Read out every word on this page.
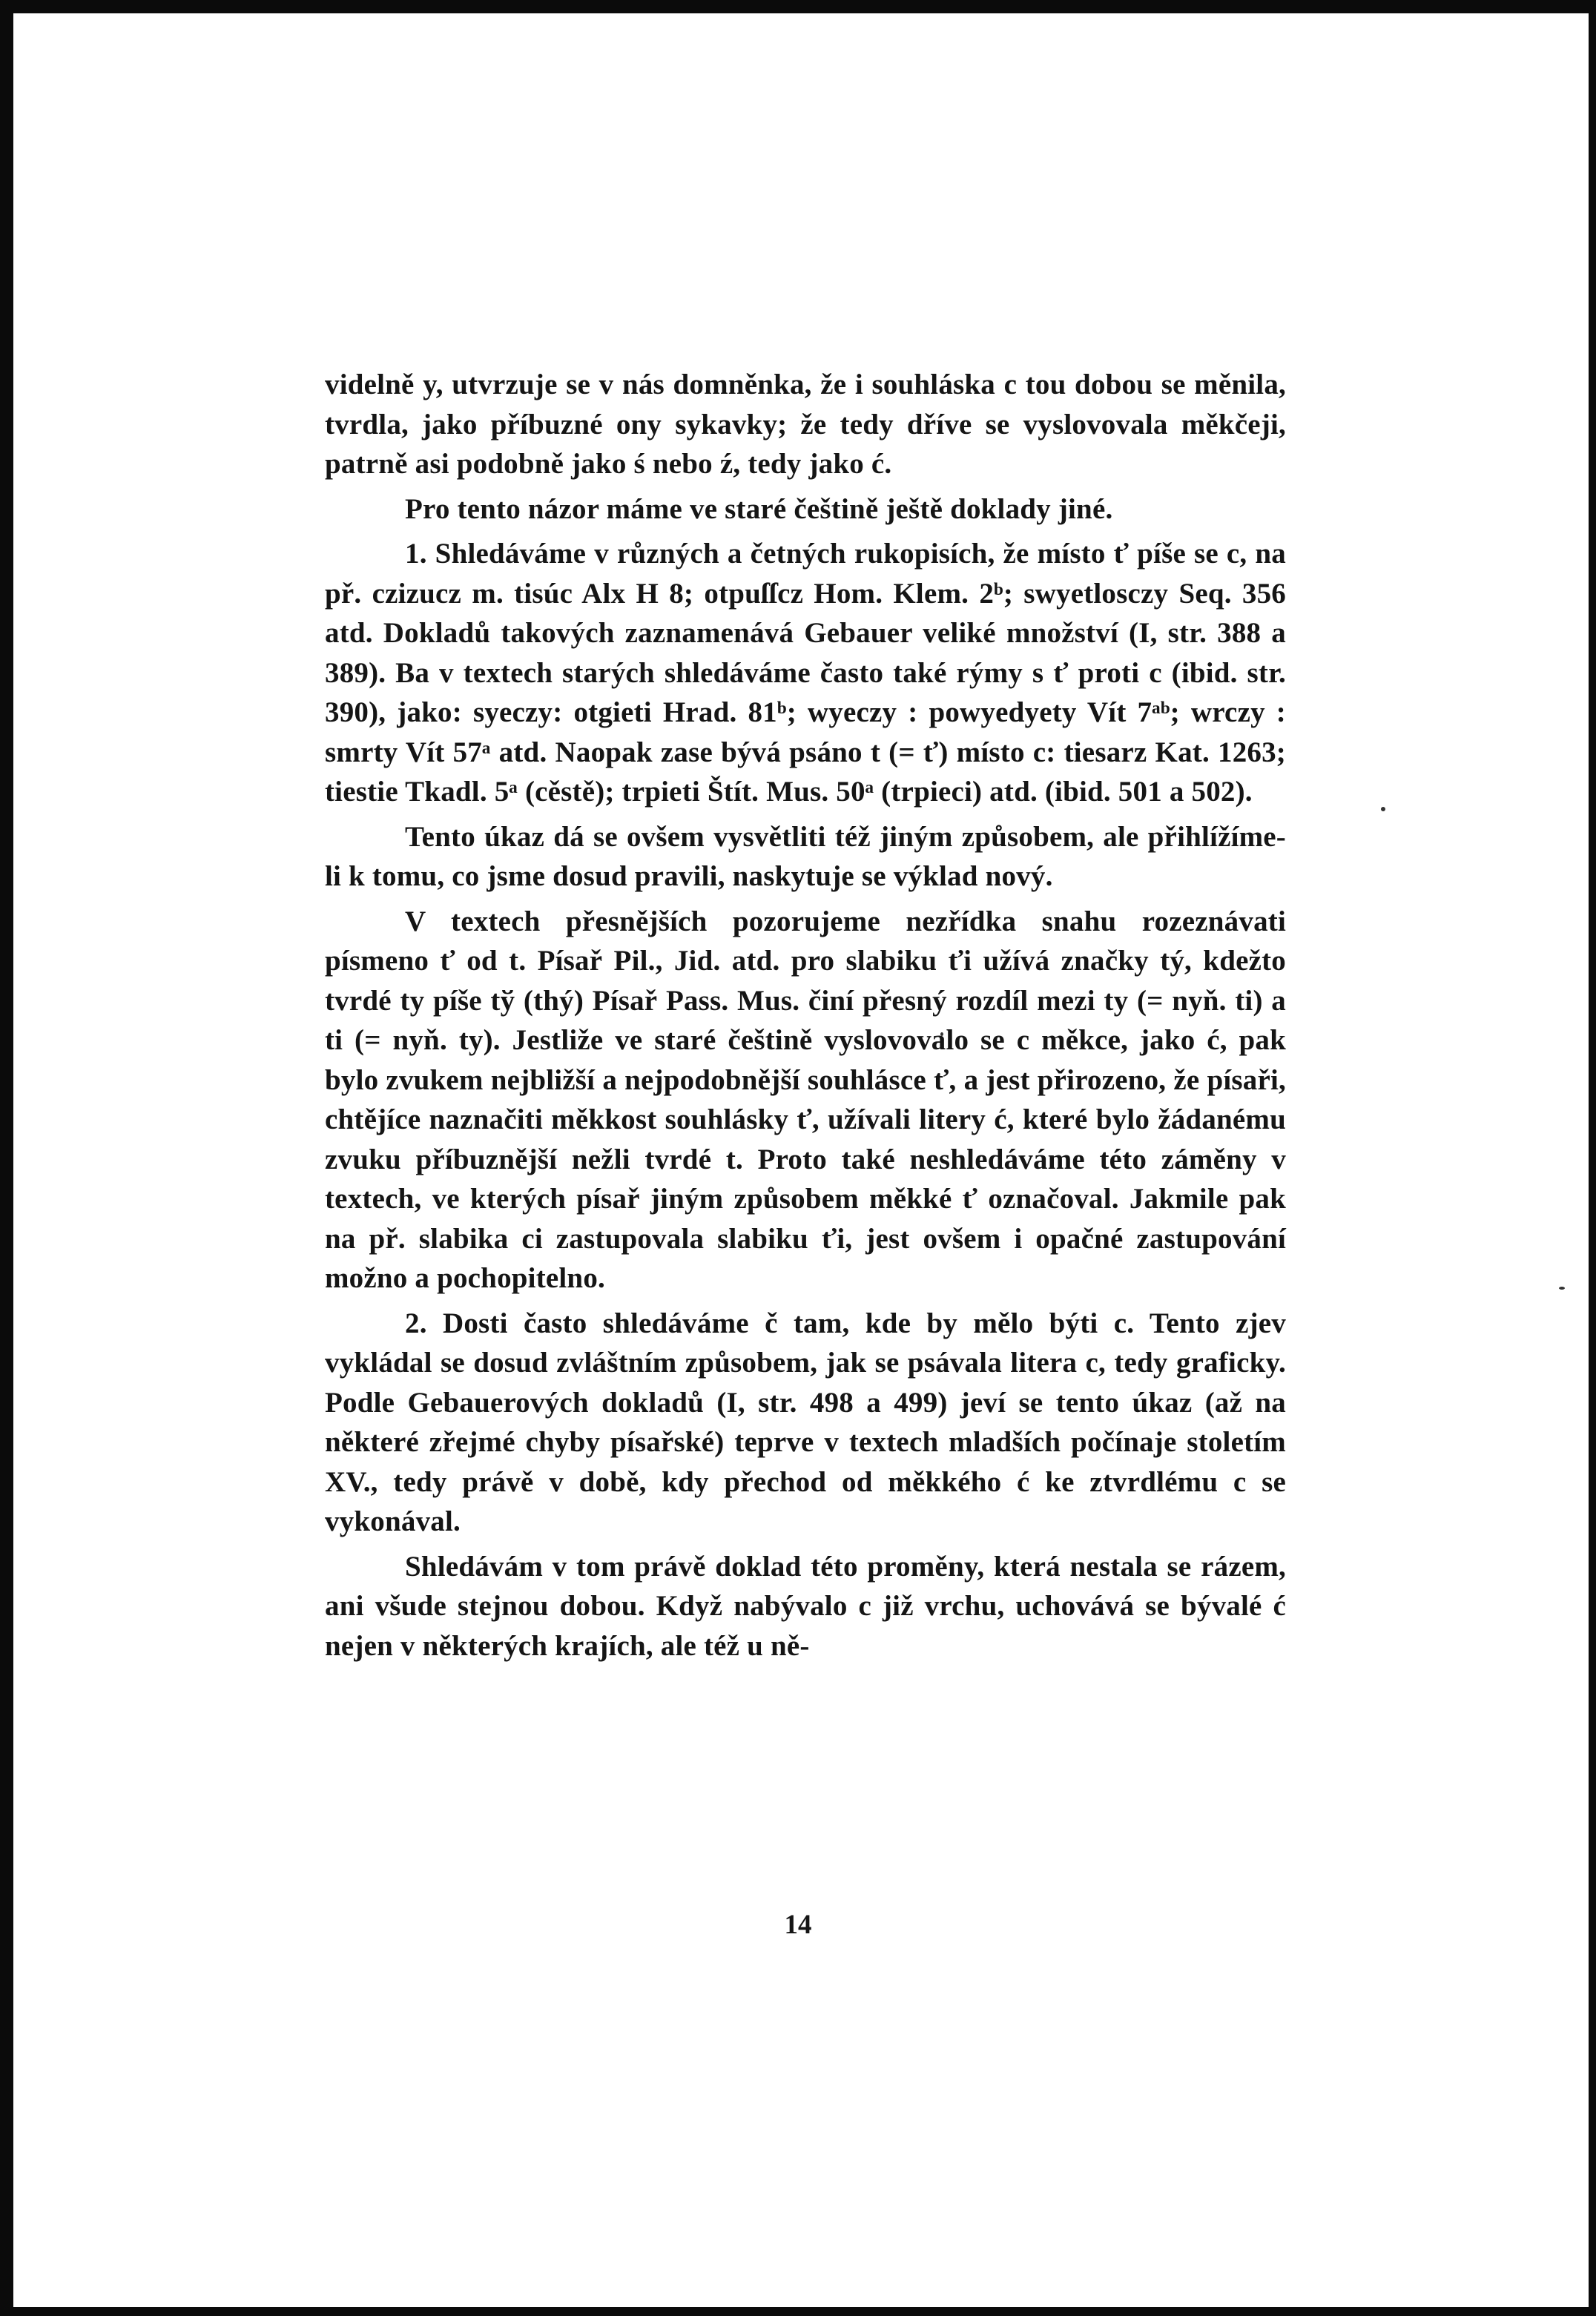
videlně y, utvrzuje se v nás domněnka, že i souhláska c tou dobou se měnila, tvrdla, jako příbuzné ony sykavky; že tedy dříve se vyslovovala měkčeji, patrně asi podobně jako ś nebo ź, tedy jako ć.

Pro tento názor máme ve staré češtině ještě doklady jiné.

1. Shledáváme v různých a četných rukopisích, že místo ť píše se c, na př. czizucz m. tisúc Alx H 8; otpuſſcz Hom. Klem. 2ᵇ; swyetlosczy Seq. 356 atd. Dokladů takových zaznamenává Gebauer veliké množství (I, str. 388 a 389). Ba v textech starých shledáváme často také rýmy s ť proti c (ibid. str. 390), jako: syeczy: otgieti Hrad. 81ᵇ; wyeczy : powyedyety Vít 7ᵃᵇ; wrczy : smrty Vít 57ᵃ atd. Naopak zase bývá psáno t (= ť) místo c: tiesarz Kat. 1263; tiestie Tkadl. 5ᵃ (cěstě); trpieti Štít. Mus. 50ᵃ (trpieci) atd. (ibid. 501 a 502).

Tento úkaz dá se ovšem vysvětliti též jiným způsobem, ale přihlížíme-li k tomu, co jsme dosud pravili, naskytuje se výklad nový.

V textech přesnějších pozorujeme nezřídka snahu rozeznávati písmeno ť od t. Písař Pil., Jid. atd. pro slabiku ťi užívá značky tý, kdežto tvrdé ty píše tў (thý) Písař Pass. Mus. činí přesný rozdíl mezi ty (= nyň. ti) a ti (= nyň. ty). Jestliže ve staré češtině vyslovovalo se c měkce, jako ć, pak bylo zvukem nejbližší a nejpodobnější souhlásce ť, a jest přirozeno, že písaři, chtějíce naznačiti měkkost souhlásky ť, užívali litery ć, které bylo žádanému zvuku příbuznější nežli tvrdé t. Proto také neshledáváme této záměny v textech, ve kterých písař jiným způsobem měkké ť označoval. Jakmile pak na př. slabika ci zastupovala slabiku ťi, jest ovšem i opačné zastupování možno a pochopitelno.

2. Dosti často shledáváme č tam, kde by mělo býti c. Tento zjev vykládal se dosud zvláštním způsobem, jak se psávala litera c, tedy graficky. Podle Gebauerových dokladů (I, str. 498 a 499) jeví se tento úkaz (až na některé zřejmé chyby písařské) teprve v textech mladších počínaje stoletím XV., tedy právě v době, kdy přechod od měkkého ć ke ztvrdlému c se vykonával.

Shledávám v tom právě doklad této proměny, která nestala se rázem, ani všude stejnou dobou. Když nabývalo c již vrchu, uchovává se bývalé ć nejen v některých krajích, ale též u ně-

14
